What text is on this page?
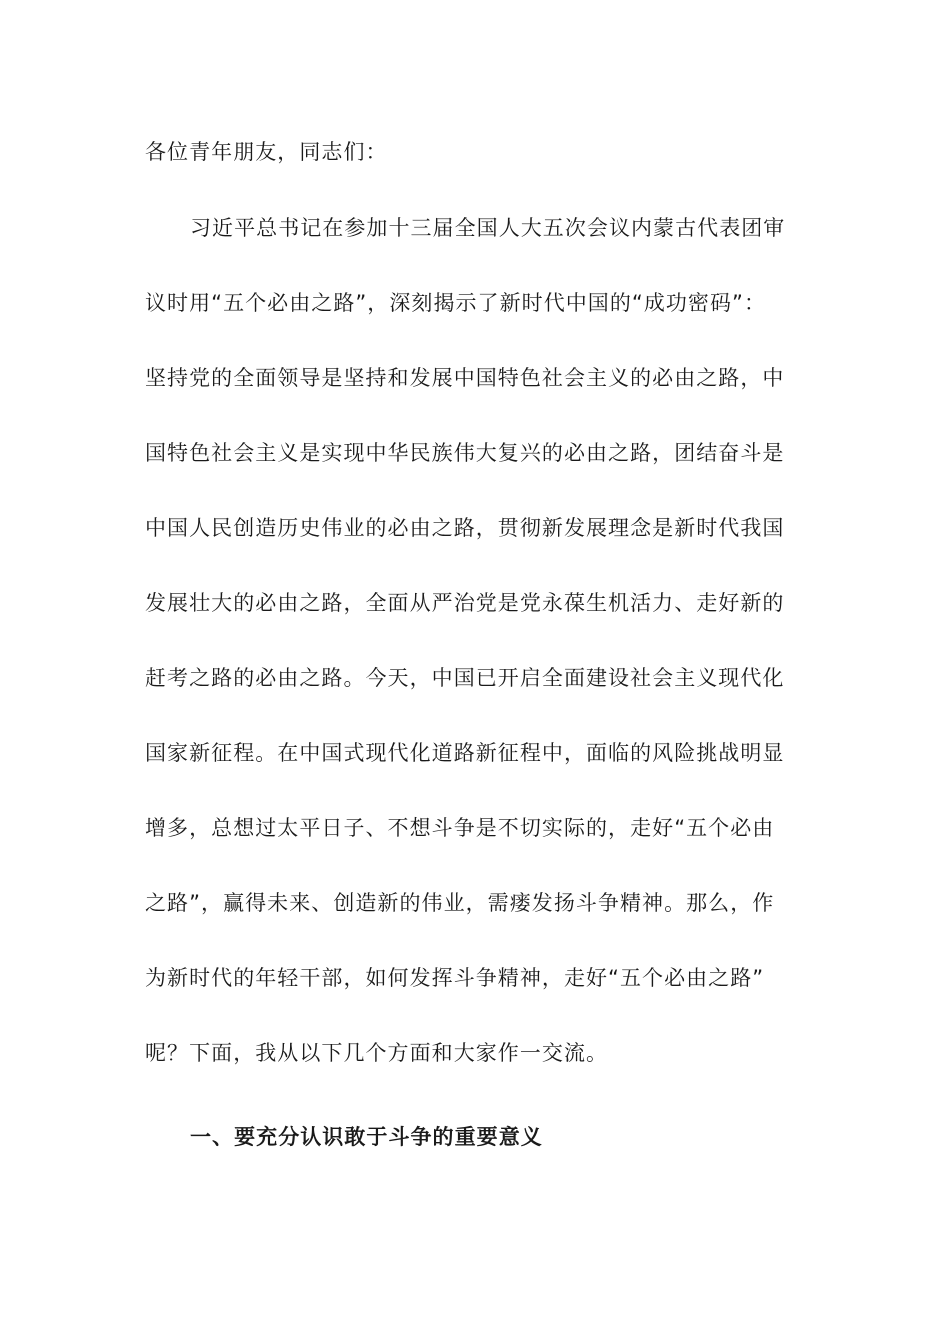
各位青年朋友，同志们：
习近平总书记在参加十三届全国人大五次会议内蒙古代表团审
议时用“五个必由之路”，深刻揭示了新时代中国的“成功密码”：
坚持党的全面领导是坚持和发展中国特色社会主义的必由之路，中
国特色社会主义是实现中华民族伟大复兴的必由之路，团结奋斗是
中国人民创造历史伟业的必由之路，贯彻新发展理念是新时代我国
发展壮大的必由之路，全面从严治党是党永葆生机活力、走好新的
赶考之路的必由之路。今天，中国已开启全面建设社会主义现代化
国家新征程。在中国式现代化道路新征程中，面临的风险挑战明显
增多，总想过太平日子、不想斗争是不切实际的，走好“五个必由
之路”，赢得未来、创造新的伟业，需瘘发扬斗争精神。那么，作
为新时代的年轻干部，如何发挥斗争精神，走好“五个必由之路”
呢？下面，我从以下几个方面和大家作一交流。
一、要充分认识敢于斗争的重要意义
